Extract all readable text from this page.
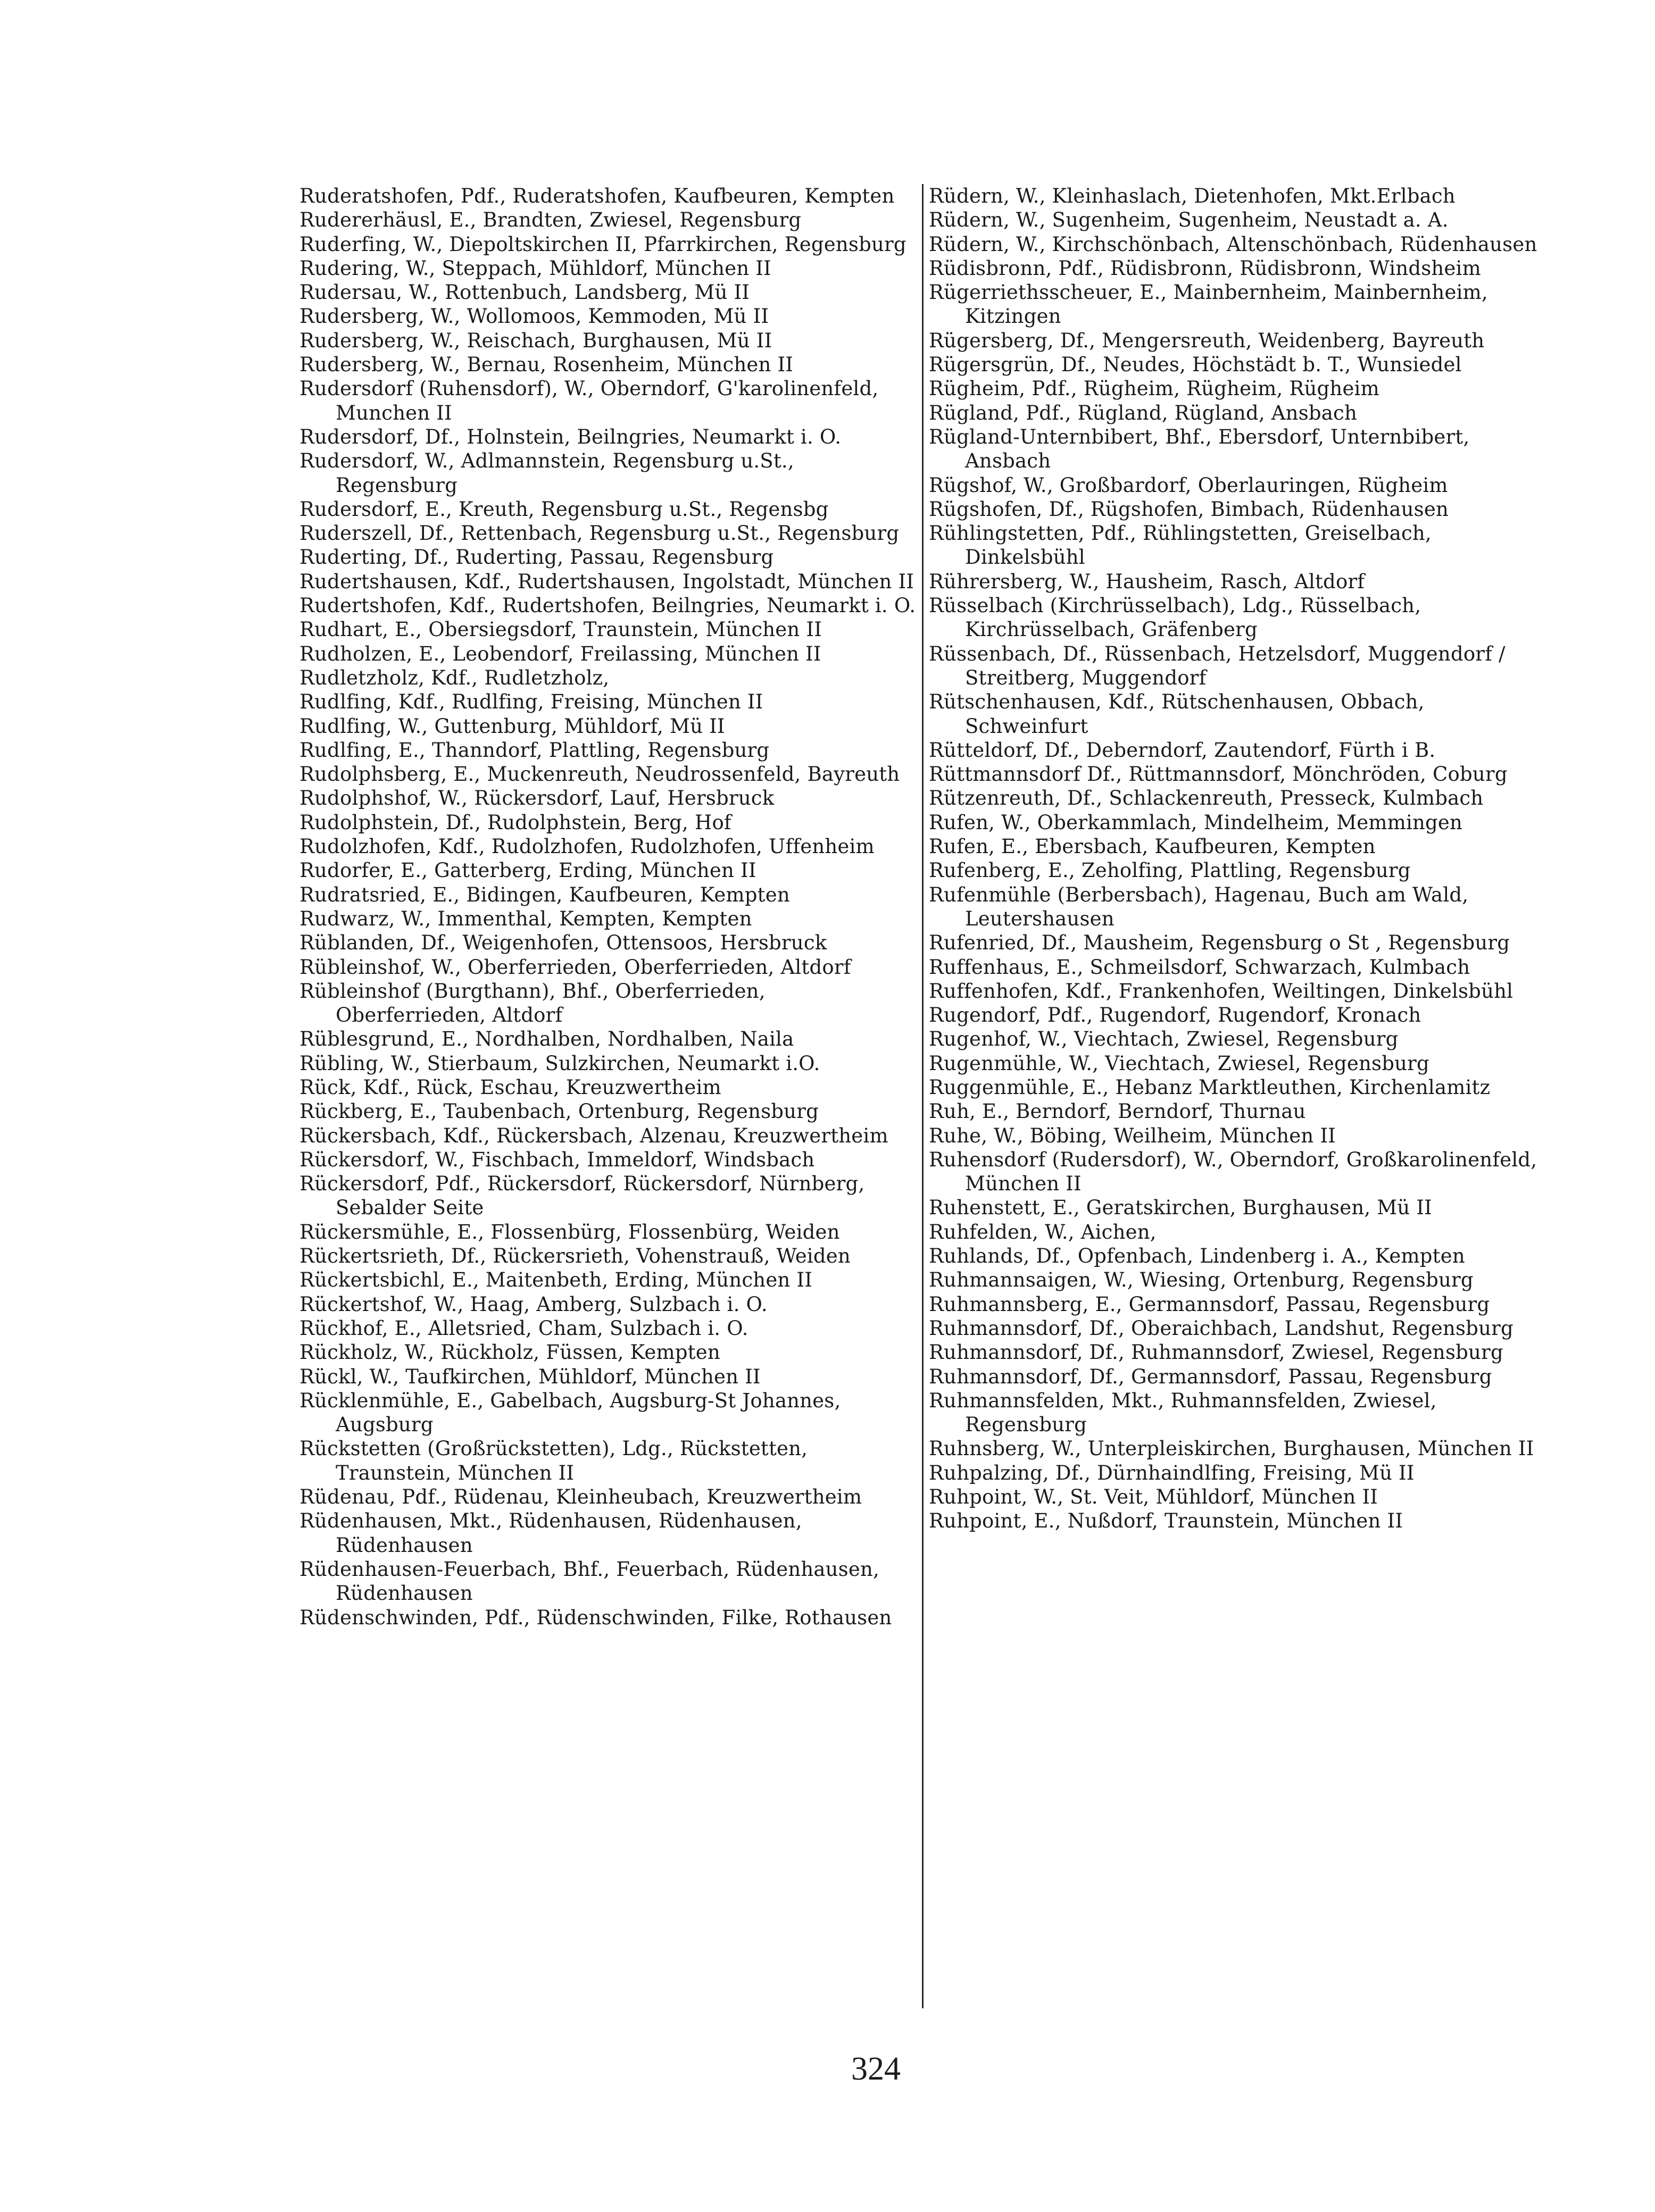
Ruderatshofen, Pdf., Ruderatshofen, Kaufbeuren, Kempten
Rudererhäusl, E., Brandten, Zwiesel, Regensburg
Ruderfing, W., Diepoltskirchen II, Pfarrkirchen, Regensburg
Rudering, W., Steppach, Mühldorf, München II
Rudersau, W., Rottenbuch, Landsberg, Mü II
Rudersberg, W., Wollomoos, Kemmoden, Mü II
Rudersberg, W., Reischach, Burghausen, Mü II
Rudersberg, W., Bernau, Rosenheim, München II
Rudersdorf (Ruhensdorf), W., Oberndorf, G'karolinenfeld, Munchen II
Rudersdorf, Df., Holnstein, Beilngries, Neumarkt i. O.
Rudersdorf, W., Adlmannstein, Regensburg u.St., Regensburg
Rudersdorf, E., Kreuth, Regensburg u.St., Regensbg
Ruderszell, Df., Rettenbach, Regensburg u.St., Regensburg
Ruderting, Df., Ruderting, Passau, Regensburg
Rudertshausen, Kdf., Rudertshausen, Ingolstadt, München II
Rudertshofen, Kdf., Rudertshofen, Beilngries, Neumarkt i. O.
Rudhart, E., Obersiegsdorf, Traunstein, München II
Rudholzen, E., Leobendorf, Freilassing, München II
Rudletzholz, Kdf., Rudletzholz,
Rudlfing, Kdf., Rudlfing, Freising, München II
Rudlfing, W., Guttenburg, Mühldorf, Mü II
Rudlfing, E., Thanndorf, Plattling, Regensburg
Rudolphsberg, E., Muckenreuth, Neudrossenfeld, Bayreuth
Rudolphshof, W., Rückersdorf, Lauf, Hersbruck
Rudolphstein, Df., Rudolphstein, Berg, Hof
Rudolzhofen, Kdf., Rudolzhofen, Rudolzhofen, Uffenheim
Rudorfer, E., Gatterberg, Erding, München II
Rudratsried, E., Bidingen, Kaufbeuren, Kempten
Rudwarz, W., Immenthal, Kempten, Kempten
Rüblanden, Df., Weigenhofen, Ottensoos, Hersbruck
Rübleinshof, W., Oberferrieden, Oberferrieden, Altdorf
Rübleinshof (Burgthann), Bhf., Oberferrieden, Oberferrieden, Altdorf
Rüblesgrund, E., Nordhalben, Nordhalben, Naila
Rübling, W., Stierbaum, Sulzkirchen, Neumarkt i.O.
Rück, Kdf., Rück, Eschau, Kreuzwertheim
Rückberg, E., Taubenbach, Ortenburg, Regensburg
Rückersbach, Kdf., Rückersbach, Alzenau, Kreuzwertheim
Rückersdorf, W., Fischbach, Immeldorf, Windsbach
Rückersdorf, Pdf., Rückersdorf, Rückersdorf, Nürnberg, Sebalder Seite
Rückersmühle, E., Flossenbürg, Flossenbürg, Weiden
Rückertsrieth, Df., Rückersrieth, Vohenstrauß, Weiden
Rückertsbichl, E., Maitenbeth, Erding, München II
Rückertshof, W., Haag, Amberg, Sulzbach i. O.
Rückhof, E., Alletsried, Cham, Sulzbach i. O.
Rückholz, W., Rückholz, Füssen, Kempten
Rückl, W., Taufkirchen, Mühldorf, München II
Rücklenmühle, E., Gabelbach, Augsburg-St Johannes, Augsburg
Rückstetten (Großrückstetten), Ldg., Rückstetten, Traunstein, München II
Rüdenau, Pdf., Rüdenau, Kleinheubach, Kreuzwertheim
Rüdenhausen, Mkt., Rüdenhausen, Rüdenhausen, Rüdenhausen
Rüdenhausen-Feuerbach, Bhf., Feuerbach, Rüdenhausen, Rüdenhausen
Rüdenschwinden, Pdf., Rüdenschwinden, Filke, Rothausen
Rüdern, W., Kleinhaslach, Dietenhofen, Mkt.Erlbach
Rüdern, W., Sugenheim, Sugenheim, Neustadt a. A.
Rüdern, W., Kirchschönbach, Altenschönbach, Rüdenhausen
Rüdisbronn, Pdf., Rüdisbronn, Rüdisbronn, Windsheim
Rügerriethsscheuer, E., Mainbernheim, Mainbernheim, Kitzingen
Rügersberg, Df., Mengersreuth, Weidenberg, Bayreuth
Rügersgrün, Df., Neudes, Höchstädt b. T., Wunsiedel
Rügheim, Pdf., Rügheim, Rügheim, Rügheim
Rügland, Pdf., Rügland, Rügland, Ansbach
Rügland-Unternbibert, Bhf., Ebersdorf, Unternbibert, Ansbach
Rügshof, W., Großbardorf, Oberlauringen, Rügheim
Rügshofen, Df., Rügshofen, Bimbach, Rüdenhausen
Rühlingstetten, Pdf., Rühlingstetten, Greiselbach, Dinkelsbühl
Rührersberg, W., Hausheim, Rasch, Altdorf
Rüsselbach (Kirchrüsselbach), Ldg., Rüsselbach, Kirchrüsselbach, Gräfenberg
Rüssenbach, Df., Rüssenbach, Hetzelsdorf, Muggendorf / Streitberg, Muggendorf
Rütschenhausen, Kdf., Rütschenhausen, Obbach, Schweinfurt
Rütteldorf, Df., Deberndorf, Zautendorf, Fürth i B.
Rüttmannsdorf Df., Rüttmannsdorf, Mönchröden, Coburg
Rützenreuth, Df., Schlackenreuth, Presseck, Kulmbach
Rufen, W., Oberkammlach, Mindelheim, Memmingen
Rufen, E., Ebersbach, Kaufbeuren, Kempten
Rufenberg, E., Zeholfing, Plattling, Regensburg
Rufenmühle (Berbersbach), Hagenau, Buch am Wald, Leutershausen
Rufenried, Df., Mausheim, Regensburg o St , Regensburg
Ruffenhaus, E., Schmeilsdorf, Schwarzach, Kulmbach
Ruffenhofen, Kdf., Frankenhofen, Weiltingen, Dinkelsbühl
Rugendorf, Pdf., Rugendorf, Rugendorf, Kronach
Rugenhof, W., Viechtach, Zwiesel, Regensburg
Rugenmühle, W., Viechtach, Zwiesel, Regensburg
Ruggenmühle, E., Hebanz Marktleuthen, Kirchenlamitz
Ruh, E., Berndorf, Berndorf, Thurnau
Ruhe, W., Böbing, Weilheim, München II
Ruhensdorf (Rudersdorf), W., Oberndorf, Großkarolinenfeld, München II
Ruhenstett, E., Geratskirchen, Burghausen, Mü II
Ruhfelden, W., Aichen,
Ruhlands, Df., Opfenbach, Lindenberg i. A., Kempten
Ruhmannsaigen, W., Wiesing, Ortenburg, Regensburg
Ruhmannsberg, E., Germannsdorf, Passau, Regensburg
Ruhmannsdorf, Df., Oberaichbach, Landshut, Regensburg
Ruhmannsdorf, Df., Ruhmannsdorf, Zwiesel, Regensburg
Ruhmannsdorf, Df., Germannsdorf, Passau, Regensburg
Ruhmannsfelden, Mkt., Ruhmannsfelden, Zwiesel, Regensburg
Ruhnsberg, W., Unterpleiskirchen, Burghausen, München II
Ruhpalzing, Df., Dürnhaindlfing, Freising, Mü II
Ruhpoint, W., St. Veit, Mühldorf, München II
Ruhpoint, E., Nußdorf, Traunstein, München II
324
